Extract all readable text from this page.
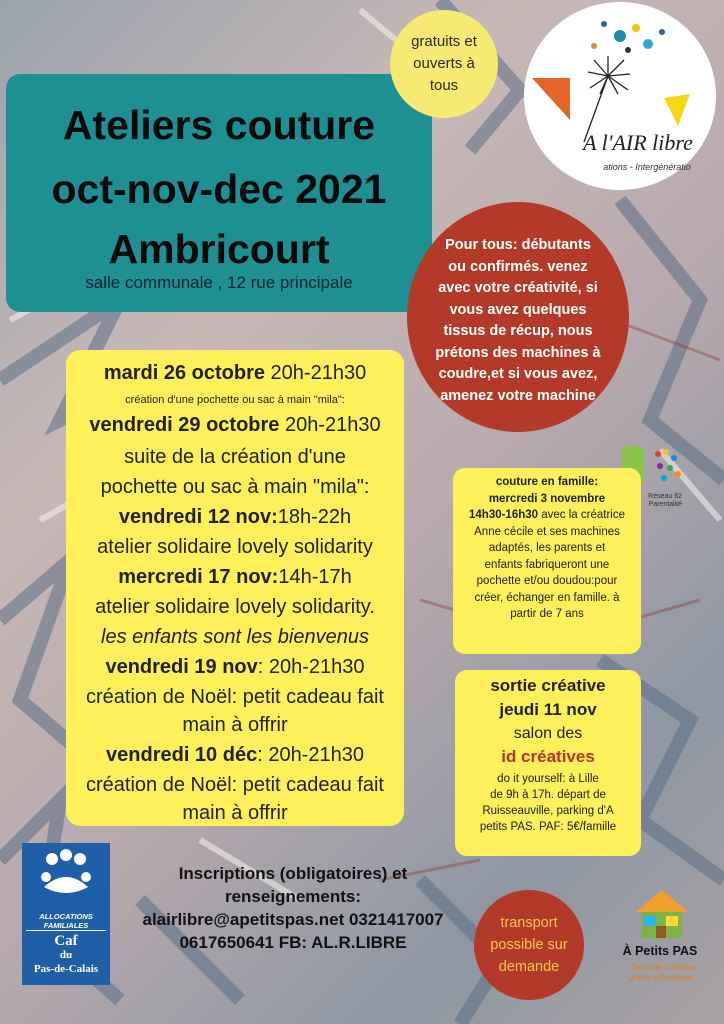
Ateliers couture
oct-nov-dec 2021
Ambricourt
salle communale , 12 rue principale
gratuits et
ouverts à
tous
A l'AIR libre
ations - Intergénératio
Pour tous: débutants
ou confirmés. venez
avec votre créativité, si
vous avez quelques
tissus de récup, nous
prétons des machines à
coudre,et si vous avez,
amenez votre machine
mardi 26 octobre 20h-21h30
création d'une pochette ou sac à main "mila":
vendredi 29 octobre 20h-21h30
suite de la création d'une
pochette ou sac à main "mila":
vendredi 12 nov:18h-22h
atelier solidaire lovely solidarity
mercredi 17 nov:14h-17h
atelier solidaire lovely solidarity.
les enfants sont les bienvenus
vendredi 19 nov: 20h-21h30
création de Noël: petit cadeau fait
main à offrir
vendredi 10 déc: 20h-21h30
création de Noël: petit cadeau fait
main à offrir
Réseau 62
Parentalité
couture en famille:
mercredi 3 novembre
14h30-16h30 avec la créatrice
Anne cécile et ses machines
adaptés, les parents et
enfants fabriqueront une
pochette et/ou doudou:pour
créer, échanger en famille. à
partir de 7 ans
sortie créative
jeudi 11 nov
salon des
id créatives
do it yourself: à Lille
de 9h à 17h. départ de
Ruisseauville, parking d'A
petits PAS. PAF: 5€/famille
ALLOCATIONS
FAMILIALES
Caf
du
Pas-de-Calais
Inscriptions (obligatoires) et
renseignements:
alairlibre@apetitspas.net 0321417007
0617650641 FB: AL.R.LIBRE
transport
possible sur
demande
À Petits PAS
Terre de Création
graine d'écologie...
